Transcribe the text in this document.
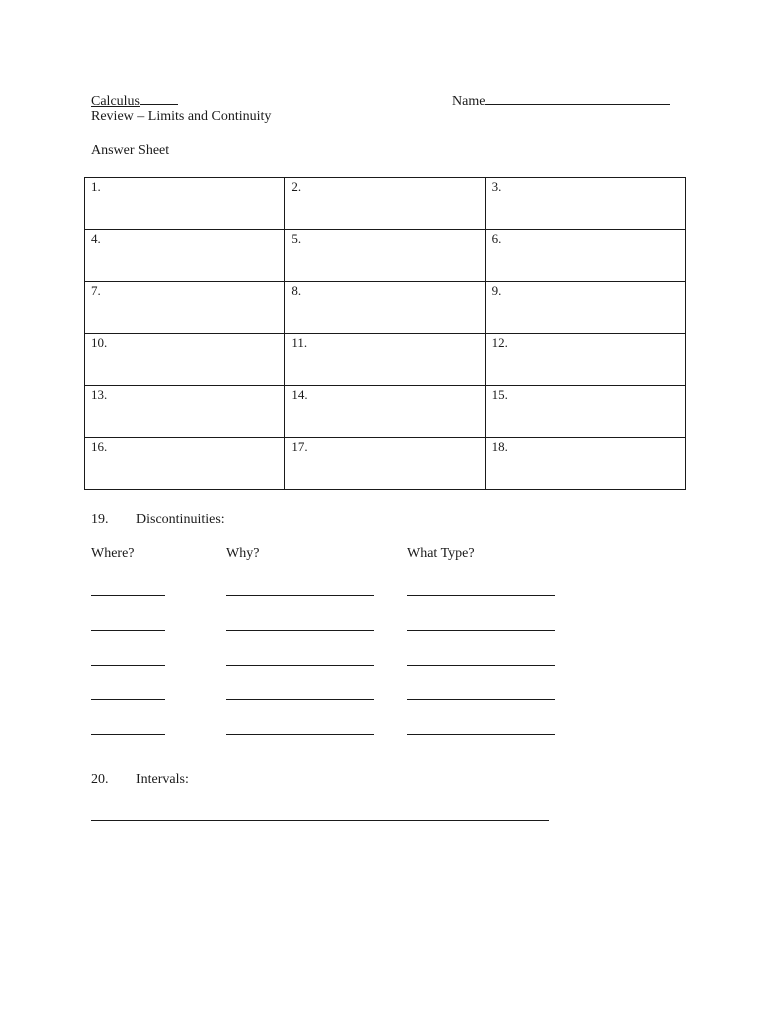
Calculus	Name
Review – Limits and Continuity
Answer Sheet
1.	2.	3.
4.	5.	6.
7.	8.	9.
10.	11.	12.
13.	14.	15.
16.	17.	18.
19. Discontinuities:
Where?	Why?	What Type?
20. Intervals:
